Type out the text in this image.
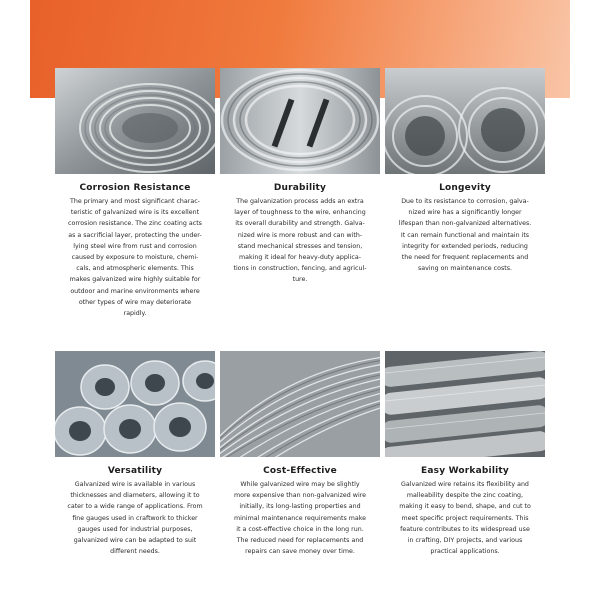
Corrosion Resistance

The primary and most significant charac-
teristic of galvanized wire is its excellent
corrosion resistance. The zinc coating acts
as a sacrificial layer, protecting the under-
lying steel wire from rust and corrosion
caused by exposure to moisture, chemi-
cals, and atmospheric elements. This
makes galvanized wire highly suitable for
outdoor and marine environments where
other types of wire may deteriorate
rapidly.

Durability

The galvanization process adds an extra
layer of toughness to the wire, enhancing
its overall durability and strength. Galva-
nized wire is more robust and can with-
stand mechanical stresses and tension,
making it ideal for heavy-duty applica-
tions in construction, fencing, and agricul-
ture.

Longevity

Due to its resistance to corrosion, galva-
nized wire has a significantly longer
lifespan than non-galvanized alternatives.
It can remain functional and maintain its
integrity for extended periods, reducing
the need for frequent replacements and
saving on maintenance costs.

Versatility

Galvanized wire is available in various
thicknesses and diameters, allowing it to
cater to a wide range of applications. From
fine gauges used in craftwork to thicker
gauges used for industrial purposes,
galvanized wire can be adapted to suit
different needs.

Cost-Effective

While galvanized wire may be slightly
more expensive than non-galvanized wire
initially, its long-lasting properties and
minimal maintenance requirements make
it a cost-effective choice in the long run.
The reduced need for replacements and
repairs can save money over time.

Easy Workability

Galvanized wire retains its flexibility and
malleability despite the zinc coating,
making it easy to bend, shape, and cut to
meet specific project requirements. This
feature contributes to its widespread use
in crafting, DIY projects, and various
practical applications.
